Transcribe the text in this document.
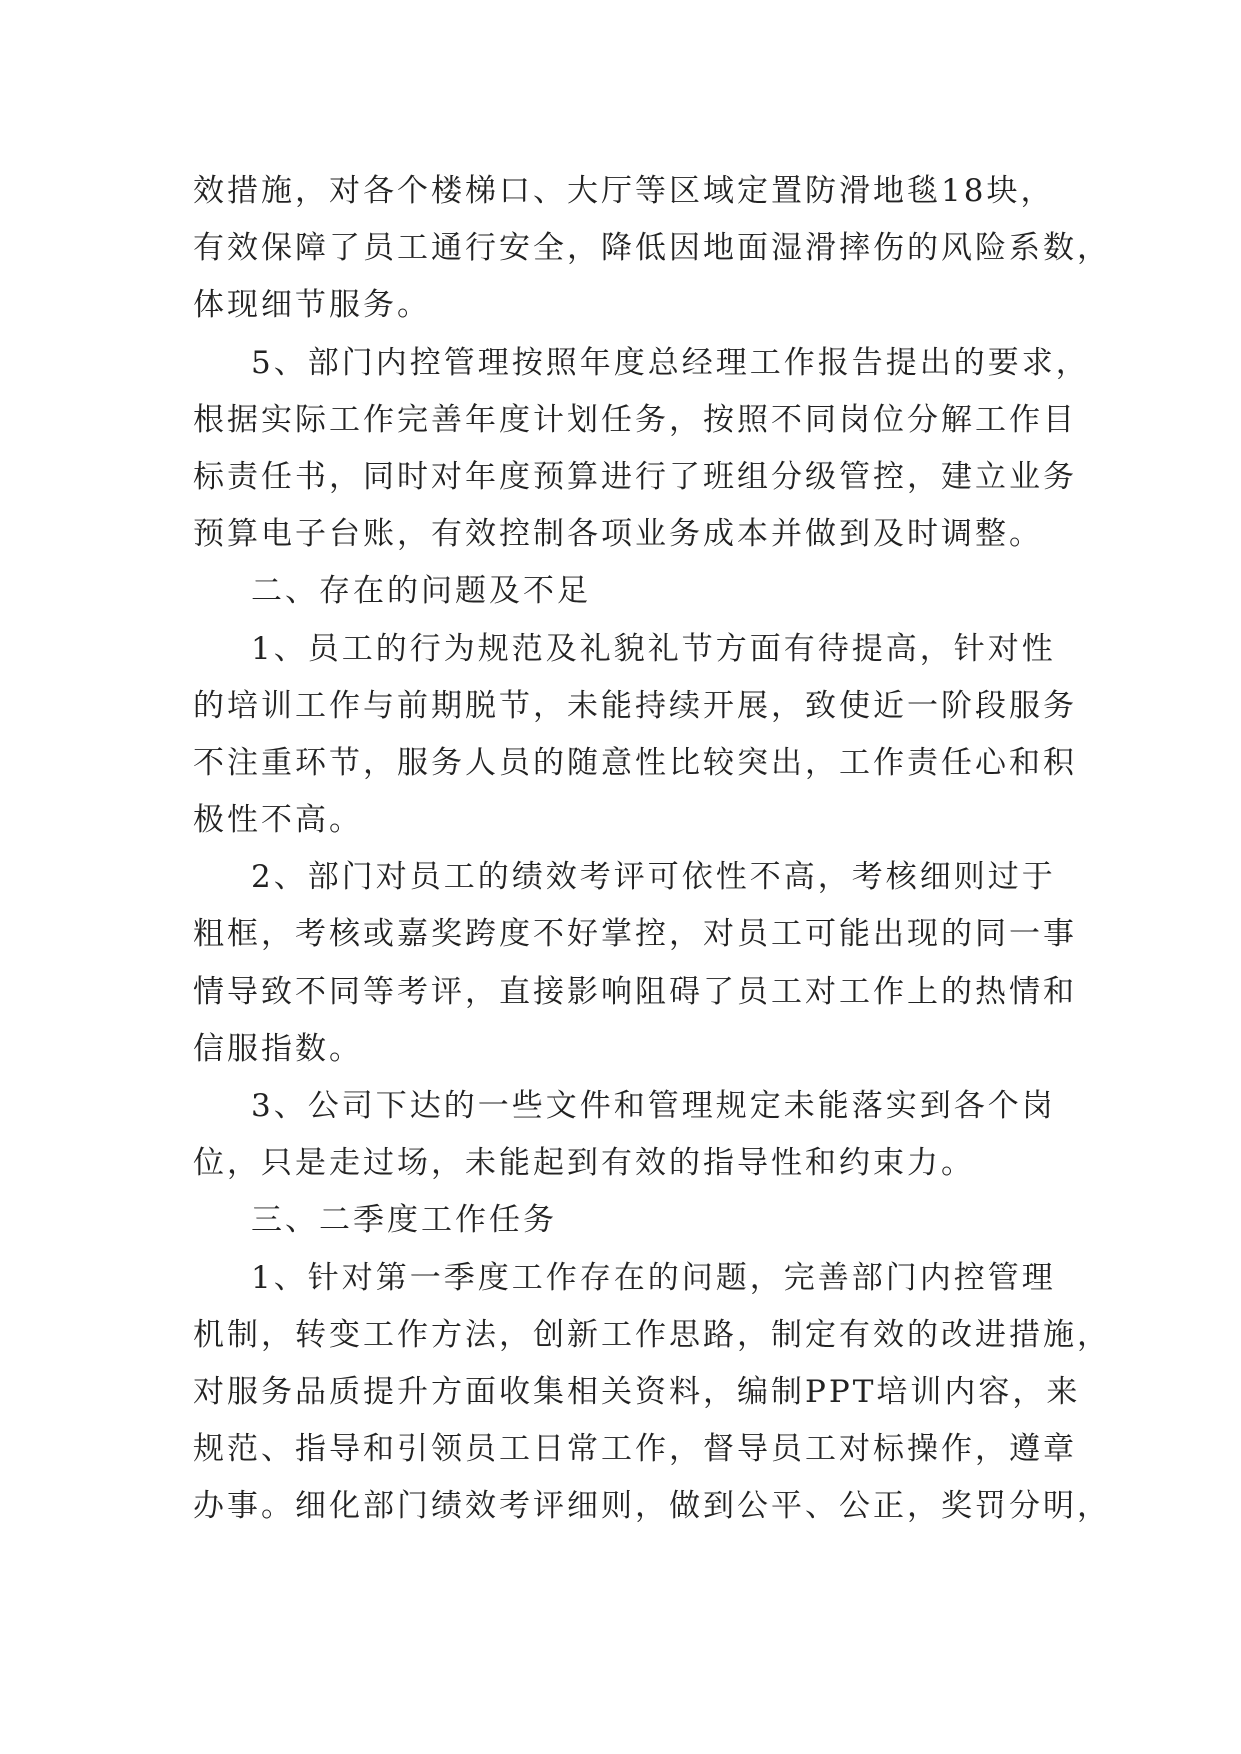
效措施，对各个楼梯口、大厅等区域定置防滑地毯18块，
有效保障了员工通行安全，降低因地面湿滑摔伤的风险系数，
体现细节服务。
5、部门内控管理按照年度总经理工作报告提出的要求，
根据实际工作完善年度计划任务，按照不同岗位分解工作目
标责任书，同时对年度预算进行了班组分级管控，建立业务
预算电子台账，有效控制各项业务成本并做到及时调整。
二、存在的问题及不足
1、员工的行为规范及礼貌礼节方面有待提高，针对性
的培训工作与前期脱节，未能持续开展，致使近一阶段服务
不注重环节，服务人员的随意性比较突出，工作责任心和积
极性不高。
2、部门对员工的绩效考评可依性不高，考核细则过于
粗框，考核或嘉奖跨度不好掌控，对员工可能出现的同一事
情导致不同等考评，直接影响阻碍了员工对工作上的热情和
信服指数。
3、公司下达的一些文件和管理规定未能落实到各个岗
位，只是走过场，未能起到有效的指导性和约束力。
三、二季度工作任务
1、针对第一季度工作存在的问题，完善部门内控管理
机制，转变工作方法，创新工作思路，制定有效的改进措施，
对服务品质提升方面收集相关资料，编制PPT培训内容，来
规范、指导和引领员工日常工作，督导员工对标操作，遵章
办事。细化部门绩效考评细则，做到公平、公正，奖罚分明，
